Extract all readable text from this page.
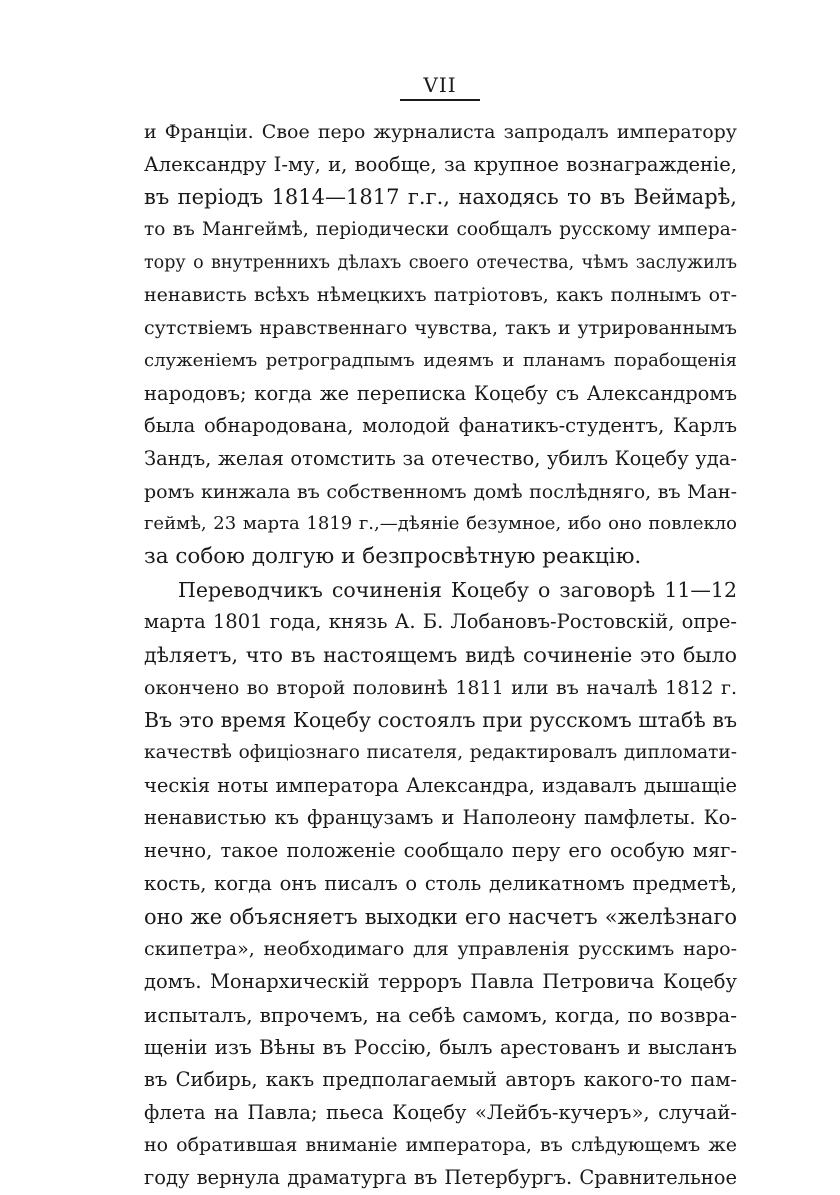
VII
и Франціи. Свое перо журналиста запродалъ императору
Александру I-му, и, вообще, за крупное вознагражденіе,
въ періодъ 1814—1817 г.г., находясь то въ Веймарѣ,
то въ Мангеймѣ, періодически сообщалъ русскому импера-
тору о внутреннихъ дѣлахъ своего отечества, чѣмъ заслужилъ
ненависть всѣхъ нѣмецкихъ патріотовъ, какъ полнымъ от-
сутствіемъ нравственнаго чувства, такъ и утрированнымъ
служеніемъ ретроградпымъ идеямъ и планамъ порабощенія
народовъ; когда же переписка Коцебу съ Александромъ
была обнародована, молодой фанатикъ-студентъ, Карлъ
Зандъ, желая отомстить за отечество, убилъ Коцебу уда-
ромъ кинжала въ собственномъ домѣ послѣдняго, въ Ман-
геймѣ, 23 марта 1819 г.,—дѣяніе безумное, ибо оно повлекло
за собою долгую и безпросвѣтную реакцію.
Переводчикъ сочиненія Коцебу о заговорѣ 11—12
марта 1801 года, князь А. Б. Лобановъ-Ростовскій, опре-
дѣляетъ, что въ настоящемъ видѣ сочиненіе это было
окончено во второй половинѣ 1811 или въ началѣ 1812 г.
Въ это время Коцебу состоялъ при русскомъ штабѣ въ
качествѣ офиціознаго писателя, редактировалъ дипломати-
ческія ноты императора Александра, издавалъ дышащіе
ненавистью къ французамъ и Наполеону памфлеты. Ко-
нечно, такое положеніе сообщало перу его особую мяг-
кость, когда онъ писалъ о столь деликатномъ предметѣ,
оно же объясняетъ выходки его насчетъ «желѣзнаго
скипетра», необходимаго для управленія русскимъ наро-
домъ. Монархическій терроръ Павла Петровича Коцебу
испыталъ, впрочемъ, на себѣ самомъ, когда, по возвра-
щеніи изъ Вѣны въ Россію, былъ арестованъ и высланъ
въ Сибирь, какъ предполагаемый авторъ какого-то пам-
флета на Павла; пьеса Коцебу «Лейбъ-кучеръ», случай-
но обратившая вниманіе императора, въ слѣдующемъ же
году вернула драматурга въ Петербургъ. Сравнительное
